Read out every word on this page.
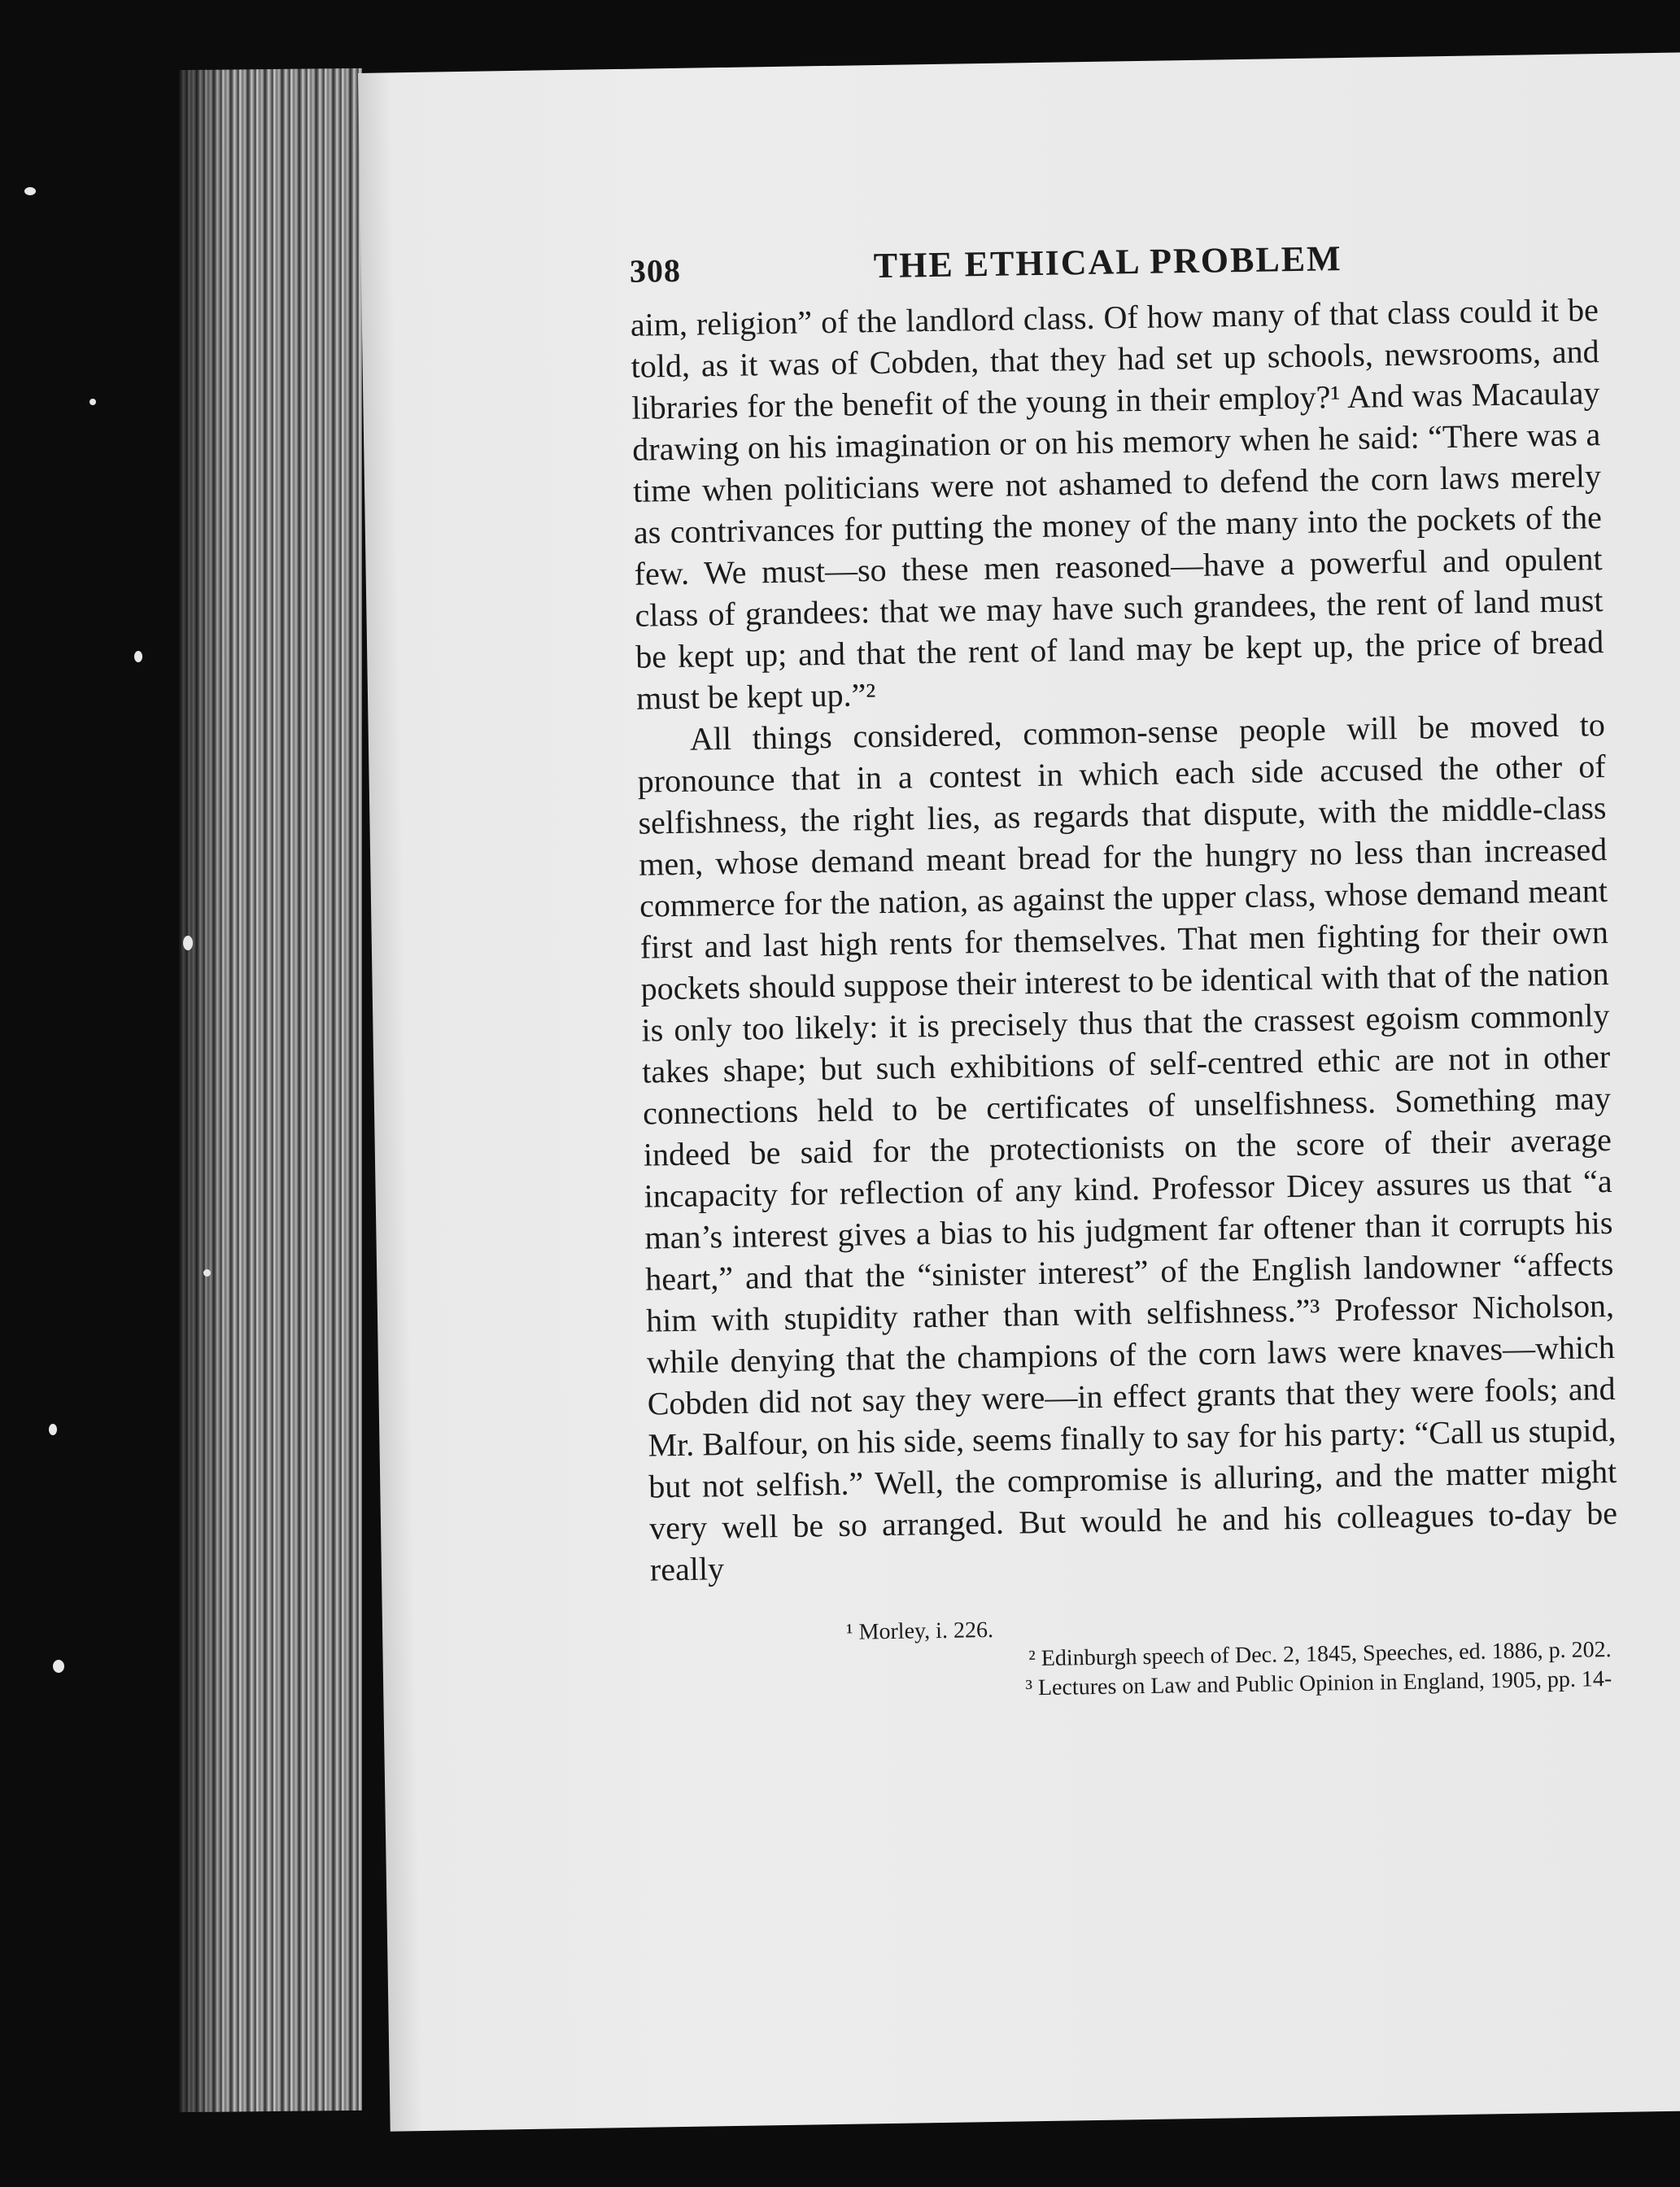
308	THE ETHICAL PROBLEM

aim, religion” of the landlord class. Of how many of that class could it be told, as it was of Cobden, that they had set up schools, newsrooms, and libraries for the benefit of the young in their employ?¹ And was Macaulay drawing on his imagination or on his memory when he said: “There was a time when politicians were not ashamed to defend the corn laws merely as contrivances for putting the money of the many into the pockets of the few. We must—so these men reasoned—have a powerful and opulent class of grandees: that we may have such grandees, the rent of land must be kept up; and that the rent of land may be kept up, the price of bread must be kept up.”²

All things considered, common-sense people will be moved to pronounce that in a contest in which each side accused the other of selfishness, the right lies, as regards that dispute, with the middle-class men, whose demand meant bread for the hungry no less than increased commerce for the nation, as against the upper class, whose demand meant first and last high rents for themselves. That men fighting for their own pockets should suppose their interest to be identical with that of the nation is only too likely: it is precisely thus that the crassest egoism commonly takes shape; but such exhibitions of self-centred ethic are not in other connections held to be certificates of unselfishness. Something may indeed be said for the protectionists on the score of their average incapacity for reflection of any kind. Professor Dicey assures us that “a man’s interest gives a bias to his judgment far oftener than it corrupts his heart,” and that the “sinister interest” of the English landowner “affects him with stupidity rather than with selfishness.”³ Professor Nicholson, while denying that the champions of the corn laws were knaves—which Cobden did not say they were—in effect grants that they were fools; and Mr. Balfour, on his side, seems finally to say for his party: “Call us stupid, but not selfish.” Well, the compromise is alluring, and the matter might very well be so arranged. But would he and his colleagues to-day be really

¹ Morley, i. 226.

² Edinburgh speech of Dec. 2, 1845, Speeches, ed. 1886, p. 202.

³ Lectures on Law and Public Opinion in England, 1905, pp. 14-
